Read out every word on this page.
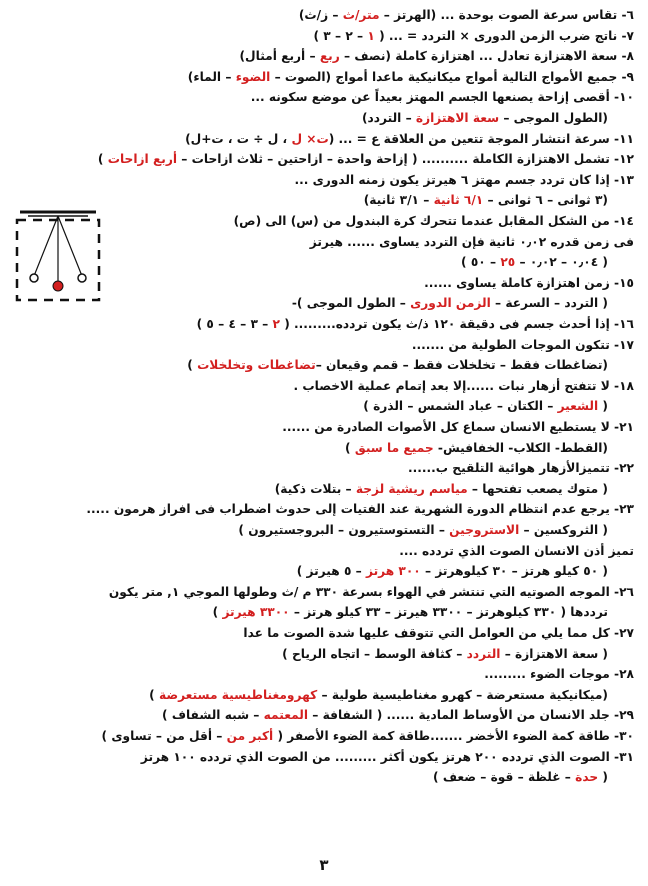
٦- تقاس سرعة الصوت بوحدة ... (الهرتز – متر/ث – ز/ث)
٧- ناتج ضرب الزمن الدورى × التردد = ... ( ١ – ٢ – ٣ )
٨- سعة الاهتزازة تعادل ... اهتزازة كاملة (نصف – ربع – أربع أمثال)
٩- جميع الأمواج التالية أمواج ميكانيكية ماعدا أمواج (الصوت – الضوء – الماء)
١٠- أقصى إزاحة يصنعها الجسم المهتز بعيداً عن موضع سكونه ...
(الطول الموجى – سعة الاهتزازة – التردد)
١١- سرعة انتشار الموجة تتعين من العلاقة ع = ... (ت× ل ، ل ÷ ت ، ت+ل)
١٢- تشمل الاهتزازة الكاملة .......... ( إزاحة واحدة – ازاحتين – ثلاث ازاحات – أربع ازاحات )
١٣- إذا كان تردد جسم مهتز ٦ هيرتز يكون زمنه الدورى ...
(٣ ثوانى – ٦ ثوانى – ٦/١ ثانية – ٣/١ ثانية)
١٤- من الشكل المقابل عندما تتحرك كرة البندول من (س) الى (ص)
فى زمن قدره ٠٫٠٢ ثانية فإن التردد يساوى ...... هيرتز
( ٠٫٠٤ – ٠٫٠٢ – ٢٥ – ٥٠ )
١٥- زمن اهتزازة كاملة يساوى ......
( التردد – السرعة – الزمن الدورى – الطول الموجى )-
١٦- إذا أحدث جسم فى دقيقة ١٢٠ ذ/ث يكون تردده......... ( ٢ – ٣ – ٤ – ٥ )
١٧- تتكون الموجات الطولية من .......
(تضاغطات فقط – تخلخلات فقط – قمم وقيعان –تضاغطات وتخلخلات )
١٨- لا تتفتح أزهار نبات ......إلا بعد إتمام عملية الاخصاب .
( الشعير – الكتان – عباد الشمس – الذرة )
٢١- لا يستطيع الانسان سماع كل الأصوات الصادرة من ......
(القطط- الكلاب- الخفافيش- جميع ما سبق )
٢٢- تتميزالأزهار هوائية التلقيح ب......
( متوك يصعب تفتحها – مياسم ريشية لزجة – بتلات ذكية)
٢٣- يرجع عدم انتظام الدورة الشهرية عند الفتيات إلى حدوث اضطراب فى افراز هرمون .....
( الثروكسين – الاستروجين – التستوستيرون – البروجستيرون )
تميز أذن الانسان الصوت الذي تردده ....
( ٥٠ كيلو هرتز – ٣٠ كيلوهرتز – ٣٠٠ هرتز – ٥ هيرتز )
٢٦- الموجه الصوتيه التي تنتشر في الهواء بسرعة ٣٣٠ م /ث وطولها الموجي ١, متر يكون
ترددها ( ٣٣٠ كيلوهرتز – ٣٣٠٠ هيرتز – ٣٣ كيلو هرتز – ٣٣٠٠ هيرتز )
٢٧- كل مما يلي من العوامل التي تتوقف عليها شدة الصوت ما عدا
( سعة الاهتزازة – التردد – كثافة الوسط – اتجاه الرياح )
٢٨- موجات الضوء .........
(ميكانيكية مستعرضة – كهرو مغناطيسية طولية – كهرومغناطيسية مستعرضة )
٢٩- جلد الانسان من الأوساط المادية ...... ( الشفافة – المعتمه – شبه الشفاف )
٣٠- طاقة كمة الضوء الأخضر .......طاقة كمة الضوء الأصفر ( أكبر من – أقل من – تساوى )
٣١- الصوت الذي تردده ٢٠٠ هرتز يكون أكثر ......... من الصوت الذي تردده ١٠٠ هرتز
( حدة – غلظة – قوة – ضعف )
٣
